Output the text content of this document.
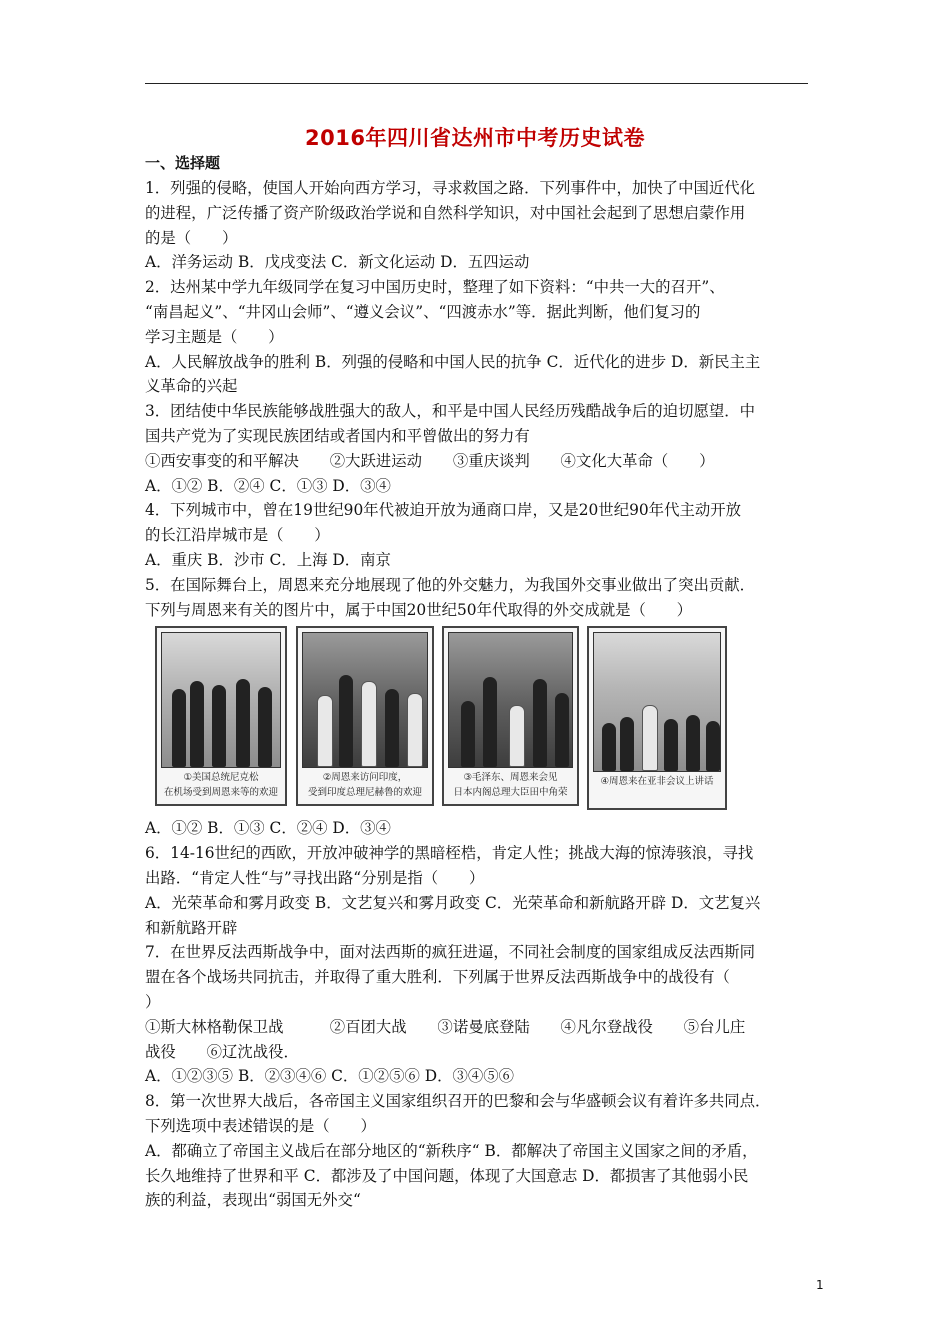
2016年四川省达州市中考历史试卷
一、选择题

1．列强的侵略，使国人开始向西方学习，寻求救国之路．下列事件中，加快了中国近代化

的进程，广泛传播了资产阶级政治学说和自然科学知识，对中国社会起到了思想启蒙作用

的是（　　）

A．洋务运动 B．戊戌变法 C．新文化运动 D．五四运动

2．达州某中学九年级同学在复习中国历史时，整理了如下资料：“中共一大的召开”、

“南昌起义”、“井冈山会师”、“遵义会议”、“四渡赤水”等．据此判断，他们复习的

学习主题是（　　）

A．人民解放战争的胜利 B．列强的侵略和中国人民的抗争 C．近代化的进步 D．新民主主

义革命的兴起

3．团结使中华民族能够战胜强大的敌人，和平是中国人民经历残酷战争后的迫切愿望．中

国共产党为了实现民族团结或者国内和平曾做出的努力有

①西安事变的和平解决　　②大跃进运动　　③重庆谈判　　④文化大革命（　　）

A．①② B．②④ C．①③ D．③④

4．下列城市中，曾在19世纪90年代被迫开放为通商口岸，又是20世纪90年代主动开放

的长江沿岸城市是（　　）

A．重庆 B．沙市 C．上海 D．南京

5．在国际舞台上，周恩来充分地展现了他的外交魅力，为我国外交事业做出了突出贡献．

下列与周恩来有关的图片中，属于中国20世纪50年代取得的外交成就是（　　）

①美国总统尼克松
在机场受到周恩来等的欢迎
②周恩来访问印度，
受到印度总理尼赫鲁的欢迎
③毛泽东、周恩来会见
日本内阁总理大臣田中角荣
④周恩来在亚非会议上讲话

A．①② B．①③ C．②④ D．③④

6．14-16世纪的西欧，开放冲破神学的黑暗桎梏，肯定人性；挑战大海的惊涛骇浪，寻找

出路．“肯定人性“与”寻找出路“分别是指（　　）

A．光荣革命和雾月政变 B．文艺复兴和雾月政变 C．光荣革命和新航路开辟 D．文艺复兴

和新航路开辟

7．在世界反法西斯战争中，面对法西斯的疯狂进逼，不同社会制度的国家组成反法西斯同

盟在各个战场共同抗击，并取得了重大胜利．下列属于世界反法西斯战争中的战役有（

）

①斯大林格勒保卫战　　　②百团大战　　③诺曼底登陆　　④凡尔登战役　　⑤台儿庄

战役　　⑥辽沈战役．

A．①②③⑤ B．②③④⑥ C．①②⑤⑥ D．③④⑤⑥

8．第一次世界大战后，各帝国主义国家组织召开的巴黎和会与华盛顿会议有着许多共同点．

下列选项中表述错误的是（　　）

A．都确立了帝国主义战后在部分地区的“新秩序“ B．都解决了帝国主义国家之间的矛盾，

长久地维持了世界和平 C．都涉及了中国问题，体现了大国意志 D．都损害了其他弱小民

族的利益，表现出“弱国无外交“

1
